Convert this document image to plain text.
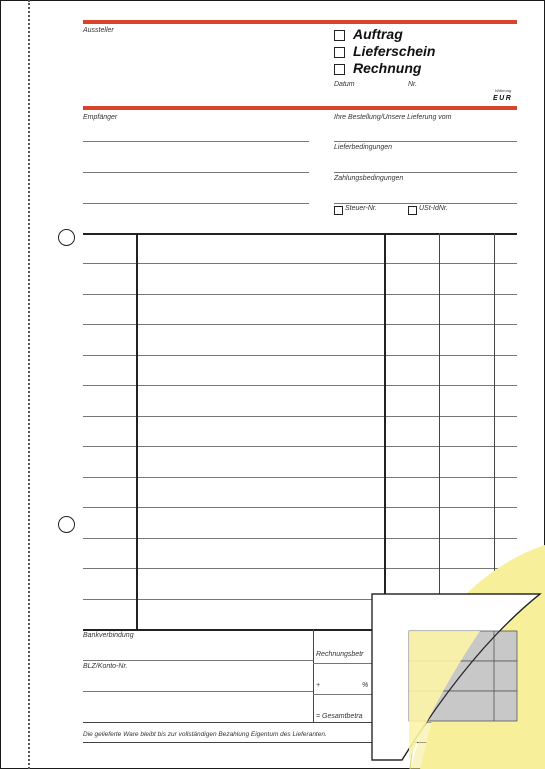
Aussteller	Auftrag
Lieferschein
Rechnung
Datum	Nr.
Währung
EUR
Empfänger	Ihre Bestellung/Unsere Lieferung vom
Lieferbedingungen
Zahlungsbedingungen
Steuer-Nr.	USt-IdNr.
Bankverbindung
BLZ/Konto-Nr.
Rechnungsbetr
+	%
= Gesamtbetra
Die gelieferte Ware bleibt bis zur vollständigen Bezahlung Eigentum des Lieferanten.
